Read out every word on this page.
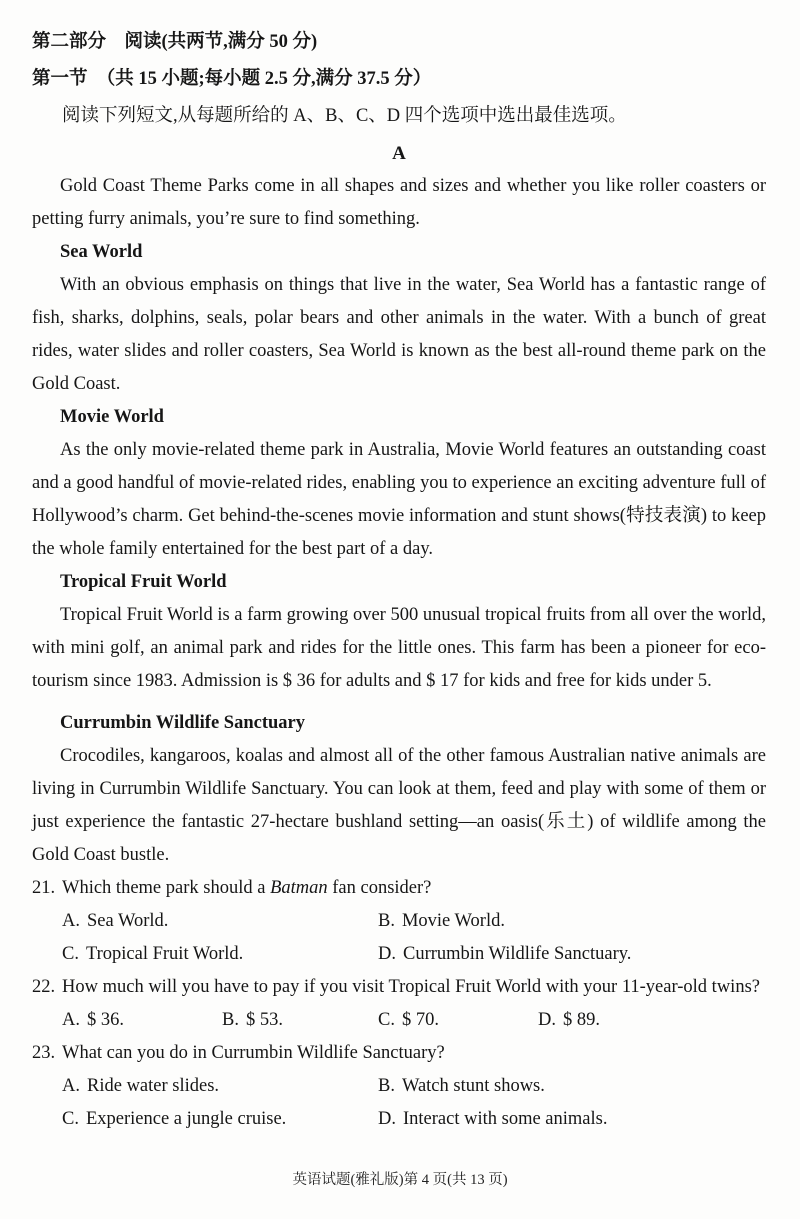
第二部分　阅读(共两节,满分 50 分)
第一节　（共 15 小题;每小题 2.5 分,满分 37.5 分）
阅读下列短文,从每题所给的 A、B、C、D 四个选项中选出最佳选项。
A

Gold Coast Theme Parks come in all shapes and sizes and whether you like roller coasters or petting furry animals, you’re sure to find something.

Sea World

With an obvious emphasis on things that live in the water, Sea World has a fantastic range of fish, sharks, dolphins, seals, polar bears and other animals in the water. With a bunch of great rides, water slides and roller coasters, Sea World is known as the best all-round theme park on the Gold Coast.

Movie World

As the only movie-related theme park in Australia, Movie World features an outstanding coast and a good handful of movie-related rides, enabling you to experience an exciting adventure full of Hollywood’s charm. Get behind-the-scenes movie information and stunt shows(特技表演) to keep the whole family entertained for the best part of a day.

Tropical Fruit World

Tropical Fruit World is a farm growing over 500 unusual tropical fruits from all over the world, with mini golf, an animal park and rides for the little ones. This farm has been a pioneer for eco-tourism since 1983. Admission is $ 36 for adults and $ 17 for kids and free for kids under 5.

Currumbin Wildlife Sanctuary

Crocodiles, kangaroos, koalas and almost all of the other famous Australian native animals are living in Currumbin Wildlife Sanctuary. You can look at them, feed and play with some of them or just experience the fantastic 27-hectare bushland setting—an oasis(乐土) of wildlife among the Gold Coast bustle.

21. Which theme park should a Batman fan consider?
A. Sea World.	B. Movie World.
C. Tropical Fruit World.	D. Currumbin Wildlife Sanctuary.
22. How much will you have to pay if you visit Tropical Fruit World with your 11-year-old twins?
A. $ 36.	B. $ 53.	C. $ 70.	D. $ 89.
23. What can you do in Currumbin Wildlife Sanctuary?
A. Ride water slides.	B. Watch stunt shows.
C. Experience a jungle cruise.	D. Interact with some animals.
英语试题(雅礼版)第 4 页(共 13 页)
